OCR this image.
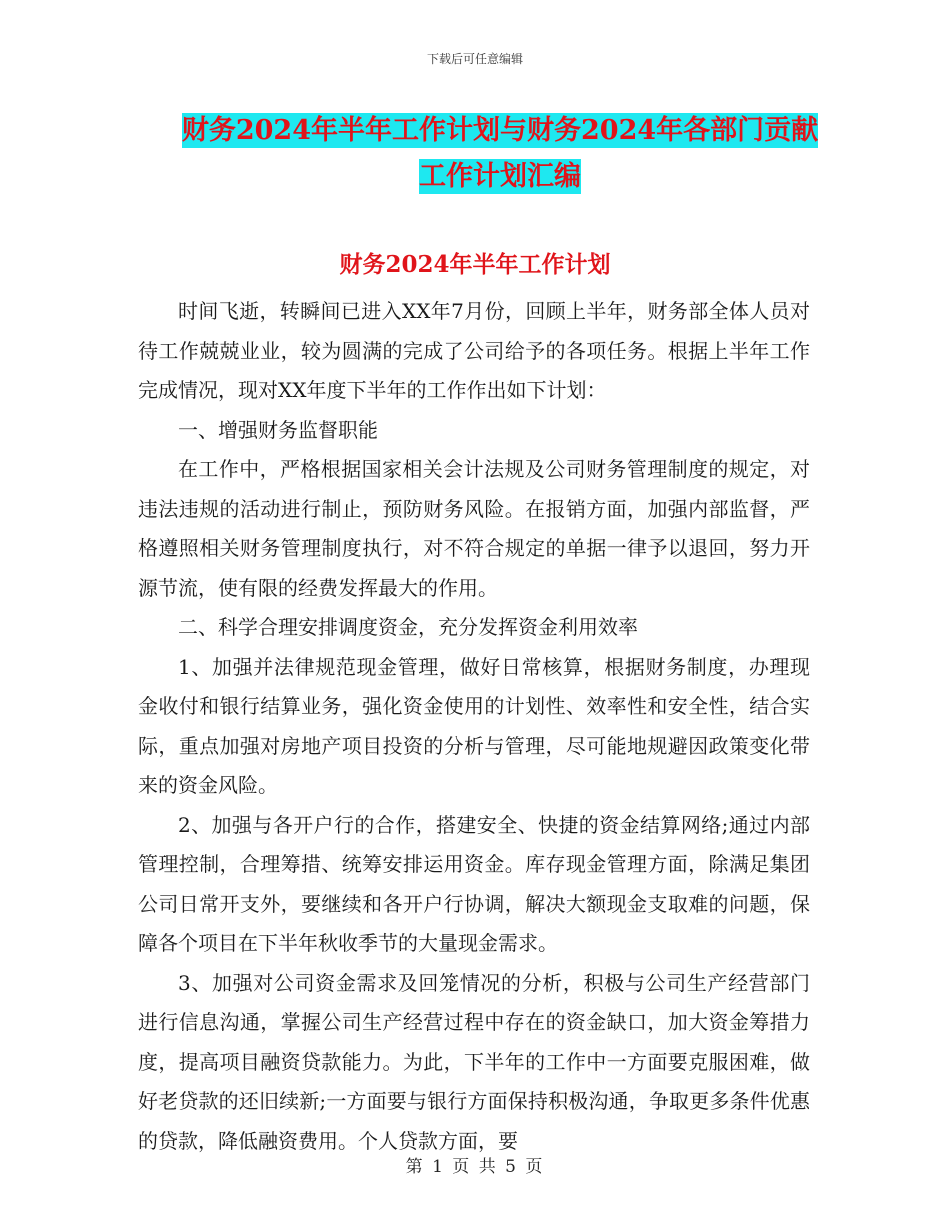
下载后可任意编辑
财务2024年半年工作计划与财务2024年各部门贡献
工作计划汇编
财务2024年半年工作计划

时间飞逝，转瞬间已进入XX年7月份，回顾上半年，财务部全体人员对待工作兢兢业业，较为圆满的完成了公司给予的各项任务。根据上半年工作完成情况，现对XX年度下半年的工作作出如下计划：

一、增强财务监督职能

在工作中，严格根据国家相关会计法规及公司财务管理制度的规定，对违法违规的活动进行制止，预防财务风险。在报销方面，加强内部监督，严格遵照相关财务管理制度执行，对不符合规定的单据一律予以退回，努力开源节流，使有限的经费发挥最大的作用。

二、科学合理安排调度资金，充分发挥资金利用效率

1、加强并法律规范现金管理，做好日常核算，根据财务制度，办理现金收付和银行结算业务，强化资金使用的计划性、效率性和安全性，结合实际，重点加强对房地产项目投资的分析与管理，尽可能地规避因政策变化带来的资金风险。

2、加强与各开户行的合作，搭建安全、快捷的资金结算网络;通过内部管理控制，合理筹措、统筹安排运用资金。库存现金管理方面，除满足集团公司日常开支外，要继续和各开户行协调，解决大额现金支取难的问题，保障各个项目在下半年秋收季节的大量现金需求。

3、加强对公司资金需求及回笼情况的分析，积极与公司生产经营部门进行信息沟通，掌握公司生产经营过程中存在的资金缺口，加大资金筹措力度，提高项目融资贷款能力。为此，下半年的工作中一方面要克服困难，做好老贷款的还旧续新;一方面要与银行方面保持积极沟通，争取更多条件优惠的贷款，降低融资费用。个人贷款方面，要

第 1 页 共 5 页
